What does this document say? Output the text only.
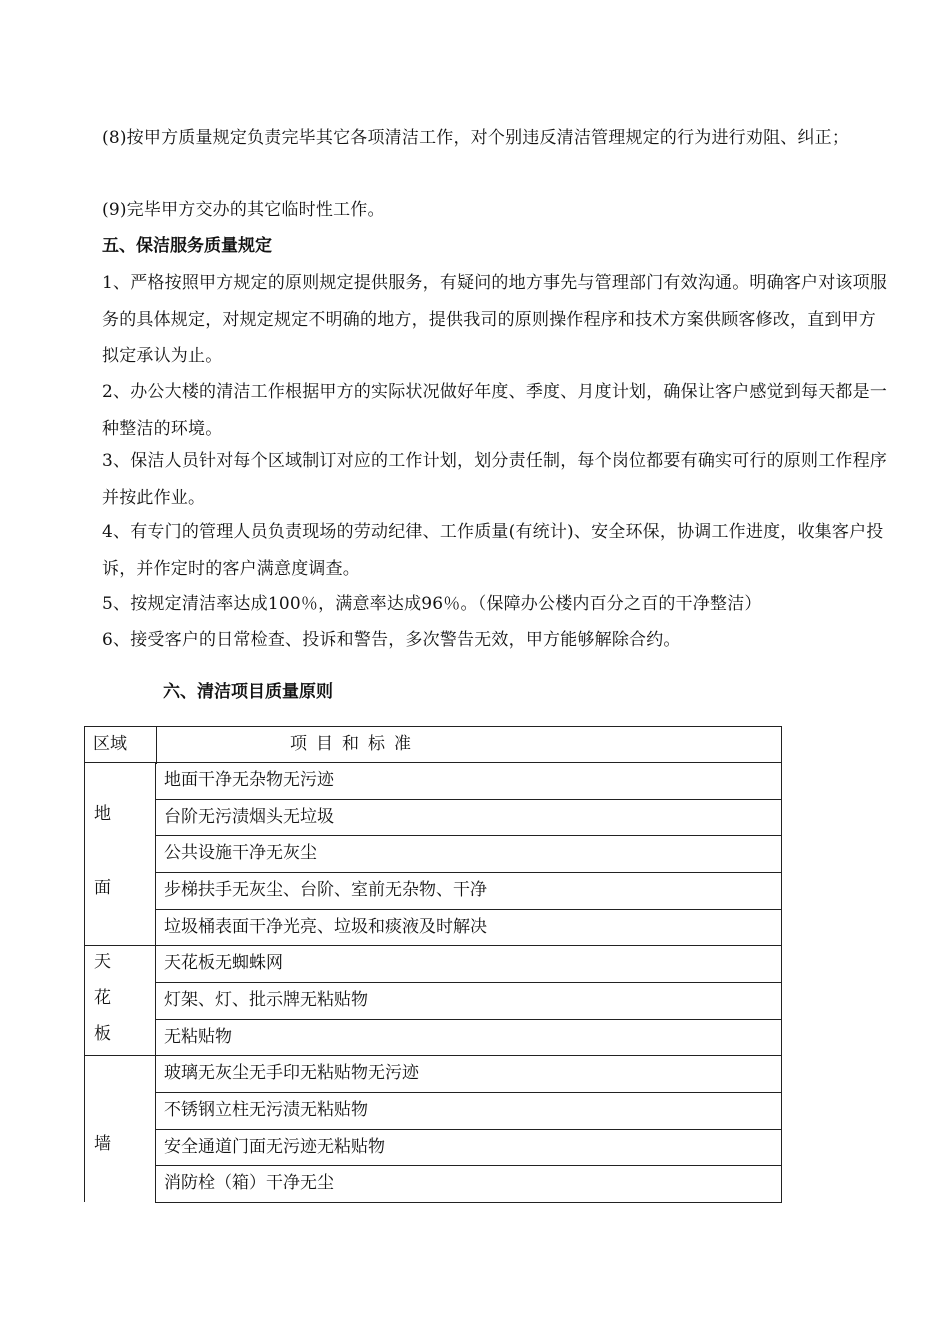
(8)按甲方质量规定负责完毕其它各项清洁工作，对个别违反清洁管理规定的行为进行劝阻、纠正；

(9)完毕甲方交办的其它临时性工作。

五、保洁服务质量规定

1、严格按照甲方规定的原则规定提供服务，有疑问的地方事先与管理部门有效沟通。明确客户对该项服务的具体规定，对规定规定不明确的地方，提供我司的原则操作程序和技术方案供顾客修改，直到甲方拟定承认为止。

2、办公大楼的清洁工作根据甲方的实际状况做好年度、季度、月度计划，确保让客户感觉到每天都是一种整洁的环境。

3、保洁人员针对每个区域制订对应的工作计划，划分责任制，每个岗位都要有确实可行的原则工作程序并按此作业。

4、有专门的管理人员负责现场的劳动纪律、工作质量(有统计)、安全环保，协调工作进度，收集客户投诉，并作定时的客户满意度调查。

5、按规定清洁率达成100％，满意率达成96％。（保障办公楼内百分之百的干净整洁）

6、接受客户的日常检查、投诉和警告，多次警告无效，甲方能够解除合约。

六、清洁项目质量原则

区域	项目和标准
地
面
天
花
板
墙
地面干净无杂物无污迹
台阶无污渍烟头无垃圾
公共设施干净无灰尘
步梯扶手无灰尘、台阶、室前无杂物、干净
垃圾桶表面干净光亮、垃圾和痰液及时解决
天花板无蜘蛛网
灯架、灯、批示牌无粘贴物
无粘贴物
玻璃无灰尘无手印无粘贴物无污迹
不锈钢立柱无污渍无粘贴物
安全通道门面无污迹无粘贴物
消防栓（箱）干净无尘
